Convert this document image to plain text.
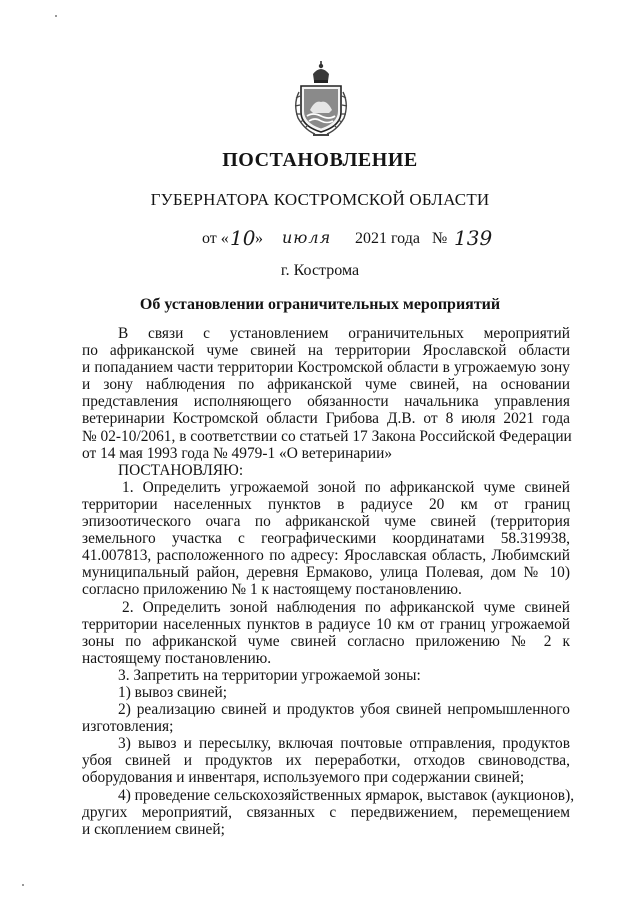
ПОСТАНОВЛЕНИЕ
ГУБЕРНАТОРА КОСТРОМСКОЙ ОБЛАСТИ
от « 10 » июля 2021 года № 139
г. Кострома
Об установлении ограничительных мероприятий
В связи с установлением ограничительных мероприятий
по африканской чуме свиней на территории Ярославской области
и попаданием части территории Костромской области в угрожаемую зону
и зону наблюдения по африканской чуме свиней, на основании
представления исполняющего обязанности начальника управления
ветеринарии Костромской области Грибова Д.В. от 8 июля 2021 года
№ 02-10/2061, в соответствии со статьей 17 Закона Российской Федерации
от 14 мая 1993 года № 4979-1 «О ветеринарии»
ПОСТАНОВЛЯЮ:
1. Определить угрожаемой зоной по африканской чуме свиней
территории населенных пунктов в радиусе 20 км от границ
эпизоотического очага по африканской чуме свиней (территория
земельного участка с географическими координатами 58.319938,
41.007813, расположенного по адресу: Ярославская область, Любимский
муниципальный район, деревня Ермаково, улица Полевая, дом № 10)
согласно приложению № 1 к настоящему постановлению.
2. Определить зоной наблюдения по африканской чуме свиней
территории населенных пунктов в радиусе 10 км от границ угрожаемой
зоны по африканской чуме свиней согласно приложению № 2 к
настоящему постановлению.
3. Запретить на территории угрожаемой зоны:
1) вывоз свиней;
2) реализацию свиней и продуктов убоя свиней непромышленного
изготовления;
3) вывоз и пересылку, включая почтовые отправления, продуктов
убоя свиней и продуктов их переработки, отходов свиноводства,
оборудования и инвентаря, используемого при содержании свиней;
4) проведение сельскохозяйственных ярмарок, выставок (аукционов),
других мероприятий, связанных с передвижением, перемещением
и скоплением свиней;
